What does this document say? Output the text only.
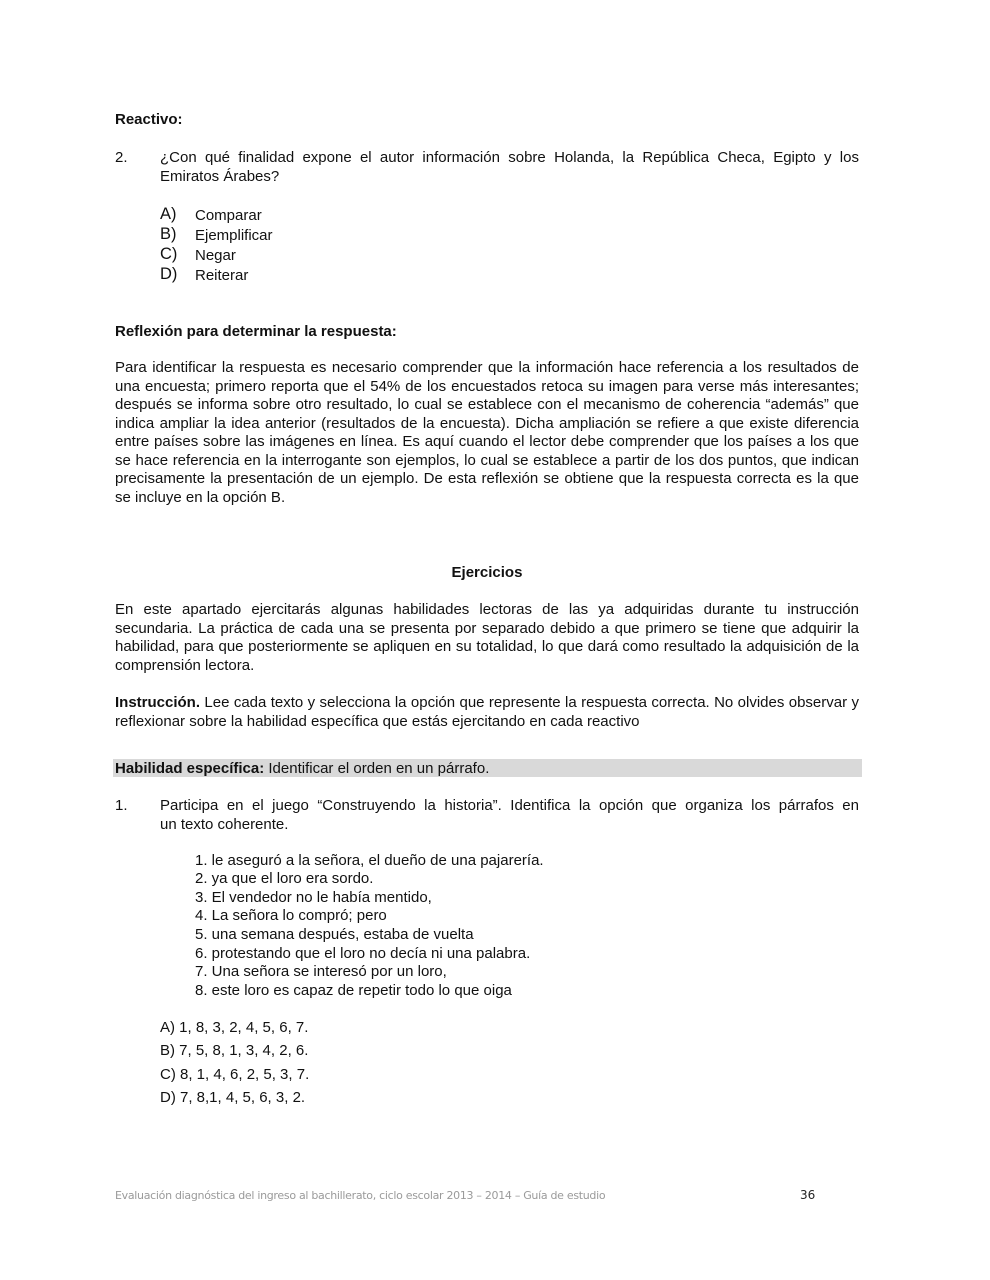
Reactivo:
2. ¿Con qué finalidad expone el autor información sobre Holanda, la República Checa, Egipto y los
Emiratos Árabes?
A) Comparar
B) Ejemplificar
C) Negar
D) Reiterar
Reflexión para determinar la respuesta:
Para identificar la respuesta es necesario comprender que la información hace referencia a los resultados de una encuesta; primero reporta que el 54% de los encuestados retoca su imagen para verse más interesantes; después se informa sobre otro resultado, lo cual se establece con el mecanismo de coherencia “además” que indica ampliar la idea anterior (resultados de la encuesta). Dicha ampliación se refiere a que existe diferencia entre países sobre las imágenes en línea. Es aquí cuando el lector debe comprender que los países a los que se hace referencia en la interrogante son ejemplos, lo cual se establece a partir de los dos puntos, que indican precisamente la presentación de un ejemplo. De esta reflexión se obtiene que la respuesta correcta es la que se incluye en la opción B.
Ejercicios
En este apartado ejercitarás algunas habilidades lectoras de las ya adquiridas durante tu instrucción secundaria. La práctica de cada una se presenta por separado debido a que primero se tiene que adquirir la habilidad, para que posteriormente se apliquen en su totalidad, lo que dará como resultado la adquisición de la comprensión lectora.
Instrucción. Lee cada texto y selecciona la opción que represente la respuesta correcta. No olvides observar y reflexionar sobre la habilidad específica que estás ejercitando en cada reactivo
Habilidad específica: Identificar el orden en un párrafo.
1. Participa en el juego “Construyendo la historia”. Identifica la opción que organiza los párrafos en
un texto coherente.
1. le aseguró a la señora, el dueño de una pajarería.
2. ya que el loro era sordo.
3. El vendedor no le había mentido,
4. La señora lo compró; pero
5. una semana después, estaba de vuelta
6. protestando que el loro no decía ni una palabra.
7. Una señora se interesó por un loro,
8. este loro es capaz de repetir todo lo que oiga
A) 1, 8, 3, 2, 4, 5, 6, 7.
B) 7, 5, 8, 1, 3, 4, 2, 6.
C) 8, 1, 4, 6, 2, 5, 3, 7.
D) 7, 8,1, 4, 5, 6, 3, 2.
Evaluación diagnóstica del ingreso al bachillerato, ciclo escolar 2013 – 2014 – Guía de estudio	36
